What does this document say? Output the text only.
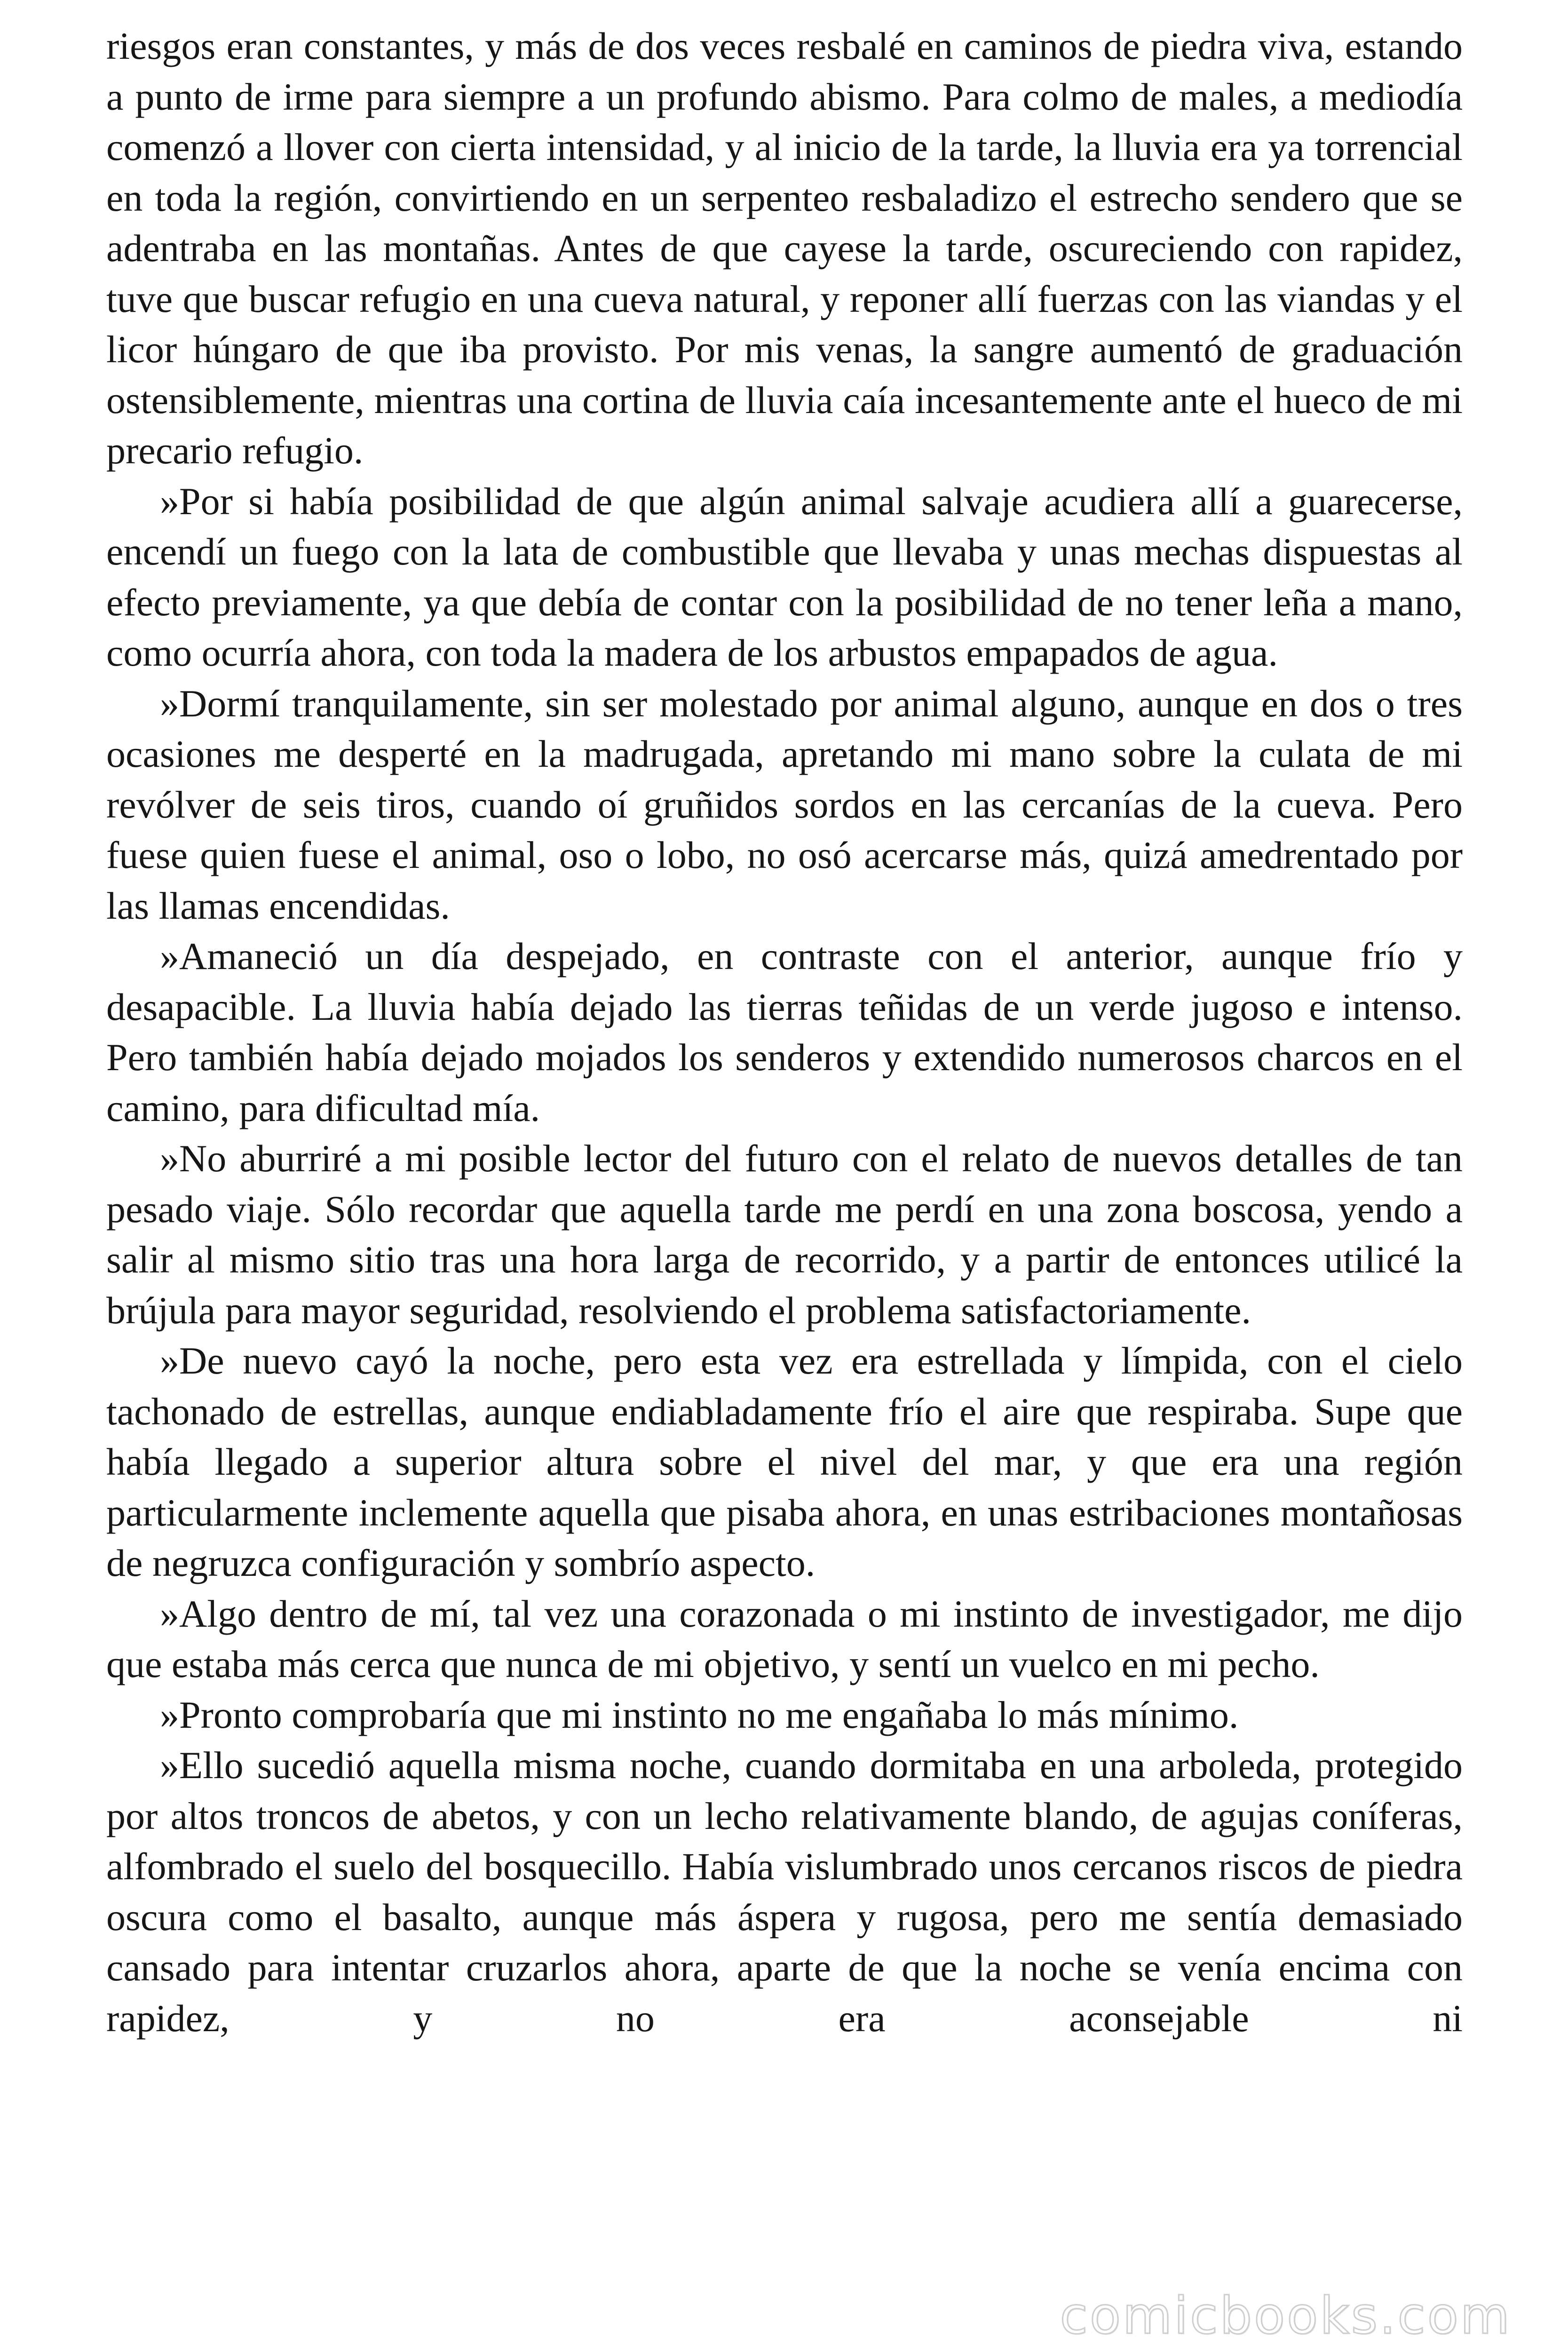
riesgos eran constantes, y más de dos veces resbalé en caminos de piedra viva, estando a punto de irme para siempre a un profundo abismo. Para colmo de males, a mediodía comenzó a llover con cierta intensidad, y al inicio de la tarde, la lluvia era ya torrencial en toda la región, convirtiendo en un serpenteo resbaladizo el estrecho sendero que se adentraba en las montañas. Antes de que cayese la tarde, oscureciendo con rapidez, tuve que buscar refugio en una cueva natural, y reponer allí fuerzas con las viandas y el licor húngaro de que iba provisto. Por mis venas, la sangre aumentó de graduación ostensiblemente, mientras una cortina de lluvia caía incesantemente ante el hueco de mi precario refugio.

»Por si había posibilidad de que algún animal salvaje acudiera allí a guarecerse, encendí un fuego con la lata de combustible que llevaba y unas mechas dispuestas al efecto previamente, ya que debía de contar con la posibilidad de no tener leña a mano, como ocurría ahora, con toda la madera de los arbustos empapados de agua.

»Dormí tranquilamente, sin ser molestado por animal alguno, aunque en dos o tres ocasiones me desperté en la madrugada, apretando mi mano sobre la culata de mi revólver de seis tiros, cuando oí gruñidos sordos en las cercanías de la cueva. Pero fuese quien fuese el animal, oso o lobo, no osó acercarse más, quizá amedrentado por las llamas encendidas.

»Amaneció un día despejado, en contraste con el anterior, aunque frío y desapacible. La lluvia había dejado las tierras teñidas de un verde jugoso e intenso. Pero también había dejado mojados los senderos y extendido numerosos charcos en el camino, para dificultad mía.

»No aburriré a mi posible lector del futuro con el relato de nuevos detalles de tan pesado viaje. Sólo recordar que aquella tarde me perdí en una zona boscosa, yendo a salir al mismo sitio tras una hora larga de recorrido, y a partir de entonces utilicé la brújula para mayor seguridad, resolviendo el problema satisfactoriamente.

»De nuevo cayó la noche, pero esta vez era estrellada y límpida, con el cielo tachonado de estrellas, aunque endiabladamente frío el aire que respiraba. Supe que había llegado a superior altura sobre el nivel del mar, y que era una región particularmente inclemente aquella que pisaba ahora, en unas estribaciones montañosas de negruzca configuración y sombrío aspecto.

»Algo dentro de mí, tal vez una corazonada o mi instinto de investigador, me dijo que estaba más cerca que nunca de mi objetivo, y sentí un vuelco en mi pecho.

»Pronto comprobaría que mi instinto no me engañaba lo más mínimo.

»Ello sucedió aquella misma noche, cuando dormitaba en una arboleda, protegido por altos troncos de abetos, y con un lecho relativamente blando, de agujas coníferas, alfombrado el suelo del bosquecillo. Había vislumbrado unos cercanos riscos de piedra oscura como el basalto, aunque más áspera y rugosa, pero me sentía demasiado cansado para intentar cruzarlos ahora, aparte de que la noche se venía encima con rapidez, y no era aconsejable ni

comicbooks.com
